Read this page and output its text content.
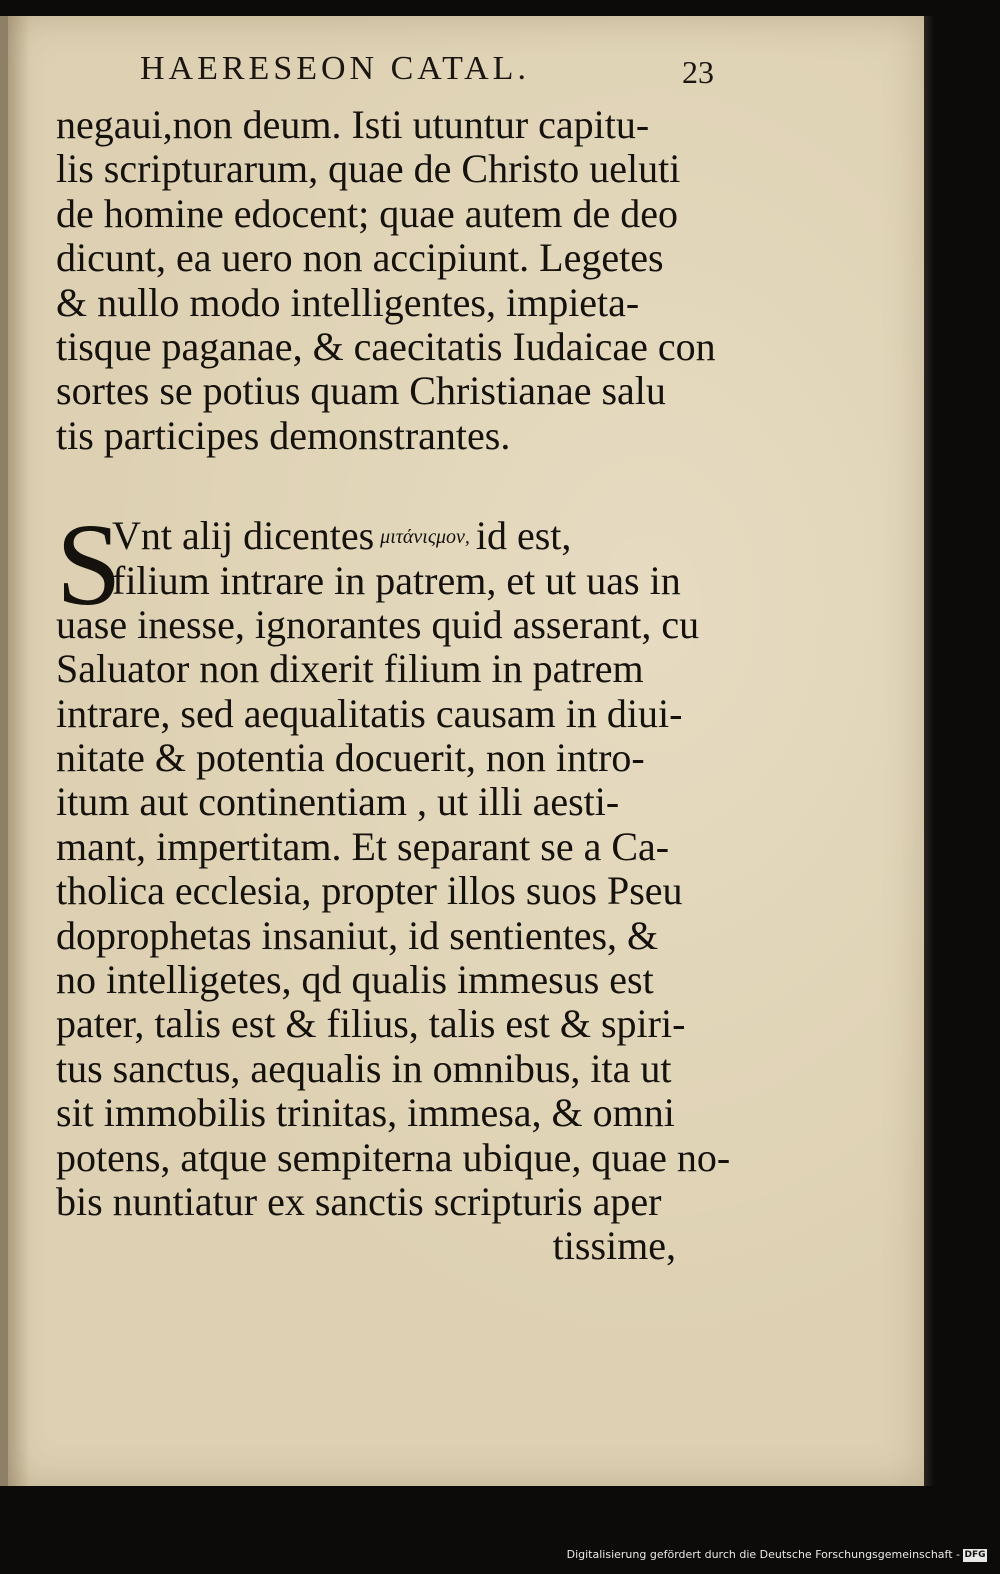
HAERESEON CATAL.	23
negaui,non deum. Isti utuntur capitu-
lis scripturarum, quae de Christo ueluti
de homine edocent; quae autem de deo
dicunt, ea uero non accipiunt. Legetes
& nullo modo intelligentes, impieta-
tisque paganae, & caecitatis Iudaicae con
sortes se potius quam Christianae salu
tis participes demonstrantes.
S
Vnt alij dicentes μιτάνιςμον, id est,
filium intrare in patrem, et ut uas in
uase inesse, ignorantes quid asserant, cu
Saluator non dixerit filium in patrem
intrare, sed aequalitatis causam in diui-
nitate & potentia docuerit, non intro-
itum aut continentiam , ut illi aesti-
mant, impertitam. Et separant se a Ca-
tholica ecclesia, propter illos suos Pseu
doprophetas insaniut, id sentientes, &
no intelligetes, qd qualis immesus est
pater, talis est & filius, talis est & spiri-
tus sanctus, aequalis in omnibus, ita ut
sit immobilis trinitas, immesa, & omni
potens, atque sempiterna ubique, quae no-
bis nuntiatur ex sanctis scripturis aper
tissime,
Digitalisierung gefördert durch die Deutsche Forschungsgemeinschaft - DFG
